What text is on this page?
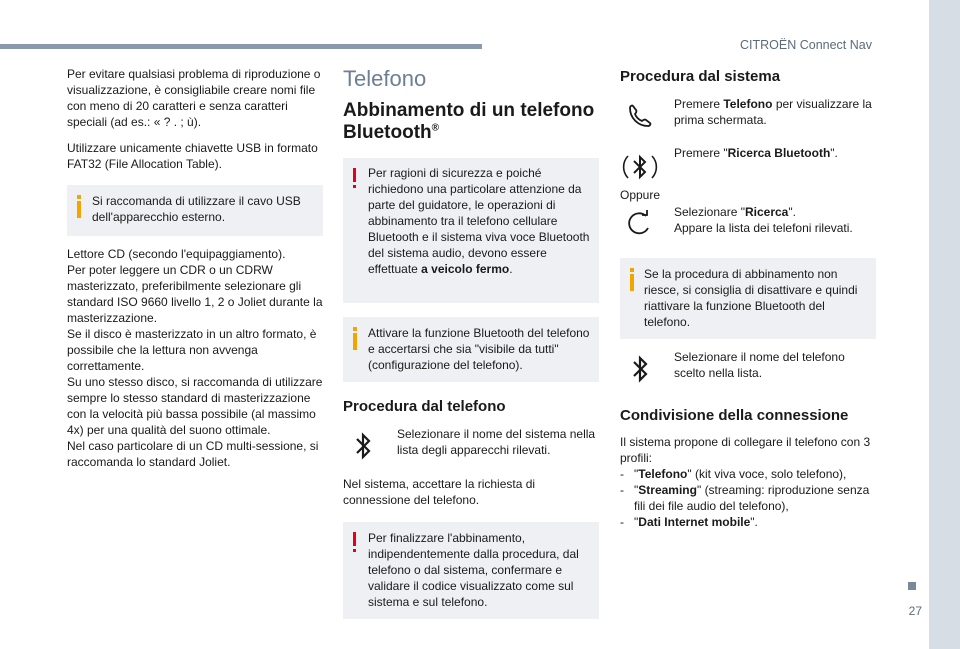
CITROËN Connect Nav
27

Per evitare qualsiasi problema di riproduzione o visualizzazione, è consigliabile creare nomi file con meno di 20 caratteri e senza caratteri speciali (ad es.: « ? . ; ù).

Utilizzare unicamente chiavette USB in formato FAT32 (File Allocation Table).

Si raccomanda di utilizzare il cavo USB dell'apparecchio esterno.

Lettore CD (secondo l'equipaggiamento).

Per poter leggere un CDR o un CDRW masterizzato, preferibilmente selezionare gli standard ISO 9660 livello 1, 2 o Joliet durante la masterizzazione.

Se il disco è masterizzato in un altro formato, è possibile che la lettura non avvenga correttamente.

Su uno stesso disco, si raccomanda di utilizzare sempre lo stesso standard di masterizzazione con la velocità più bassa possibile (al massimo 4x) per una qualità del suono ottimale.

Nel caso particolare di un CD multi-sessione, si raccomanda lo standard Joliet.

Telefono
Abbinamento di un telefono Bluetooth®
Per ragioni di sicurezza e poiché richiedono una particolare attenzione da parte del guidatore, le operazioni di abbinamento tra il telefono cellulare Bluetooth e il sistema viva voce Bluetooth del sistema audio, devono essere effettuate a veicolo fermo.
Attivare la funzione Bluetooth del telefono e accertarsi che sia "visibile da tutti" (configurazione del telefono).
Procedura dal telefono
Selezionare il nome del sistema nella lista degli apparecchi rilevati.

Nel sistema, accettare la richiesta di connessione del telefono.

Per finalizzare l'abbinamento, indipendentemente dalla procedura, dal telefono o dal sistema, confermare e validare il codice visualizzato come sul sistema e sul telefono.
Procedura dal sistema
Premere Telefono per visualizzare la prima schermata.
Premere "Ricerca Bluetooth".

Oppure

Selezionare "Ricerca".
Appare la lista dei telefoni rilevati.
Se la procedura di abbinamento non riesce, si consiglia di disattivare e quindi riattivare la funzione Bluetooth del telefono.
Selezionare il nome del telefono scelto nella lista.
Condivisione della connessione

Il sistema propone di collegare il telefono con 3 profili:

- "Telefono" (kit viva voce, solo telefono),
- "Streaming" (streaming: riproduzione senza fili dei file audio del telefono),
- "Dati Internet mobile".
